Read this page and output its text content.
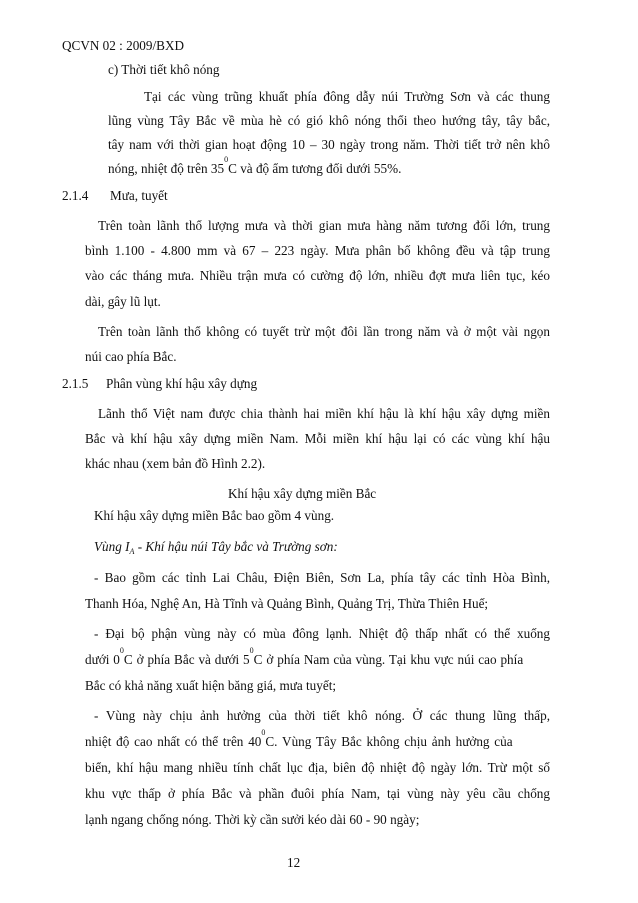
QCVN 02 : 2009/BXD
c) Thời tiết khô nóng
Tại các vùng trũng khuất phía đông dẫy núi Trường Sơn và các thung
lũng vùng Tây Bắc về mùa hè có gió khô nóng thổi theo hướng tây, tây bắc,
tây nam với thời gian hoạt động 10 – 30 ngày trong năm. Thời tiết trở nên khô
nóng, nhiệt độ trên $35^0C$ và độ ẩm tương đối dưới 55%.
2.1.4 Mưa, tuyết
Trên toàn lãnh thổ lượng mưa và thời gian mưa hàng năm tương đối lớn, trung
bình 1.100 - 4.800 mm và 67 – 223 ngày. Mưa phân bố không đều và tập trung
vào các tháng mưa. Nhiều trận mưa có cường độ lớn, nhiều đợt mưa liên tục, kéo
dài, gây lũ lụt.
Trên toàn lãnh thổ không có tuyết trừ một đôi lần trong năm và ở một vài ngọn
núi cao phía Bắc.
2.1.5 Phân vùng khí hậu xây dựng
Lãnh thổ Việt nam được chia thành hai miền khí hậu là khí hậu xây dựng miền
Bắc và khí hậu xây dựng miền Nam. Mỗi miền khí hậu lại có các vùng khí hậu
khác nhau (xem bản đồ Hình 2.2).
Khí hậu xây dựng miền Bắc
Khí hậu xây dựng miền Bắc bao gồm 4 vùng.
Vùng $I_A$ - Khí hậu núi Tây bắc và Trường sơn:
- Bao gồm các tỉnh Lai Châu, Điện Biên, Sơn La, phía tây các tỉnh Hòa Bình,
Thanh Hóa, Nghệ An, Hà Tĩnh và Quảng Bình, Quảng Trị, Thừa Thiên Huế;
- Đại bộ phận vùng này có mùa đông lạnh. Nhiệt độ thấp nhất có thể xuống
dưới $0^0C$ ở phía Bắc và dưới $5^0C$ ở phía Nam của vùng. Tại khu vực núi cao phía
Bắc có khả năng xuất hiện băng giá, mưa tuyết;
- Vùng này chịu ảnh hưởng của thời tiết khô nóng. Ở các thung lũng thấp,
nhiệt độ cao nhất có thể trên $40^0C$. Vùng Tây Bắc không chịu ảnh hưởng của
biển, khí hậu mang nhiều tính chất lục địa, biên độ nhiệt độ ngày lớn. Trừ một số
khu vực thấp ở phía Bắc và phần đuôi phía Nam, tại vùng này yêu cầu chống
lạnh ngang chống nóng. Thời kỳ cần sưởi kéo dài 60 - 90 ngày;
12
